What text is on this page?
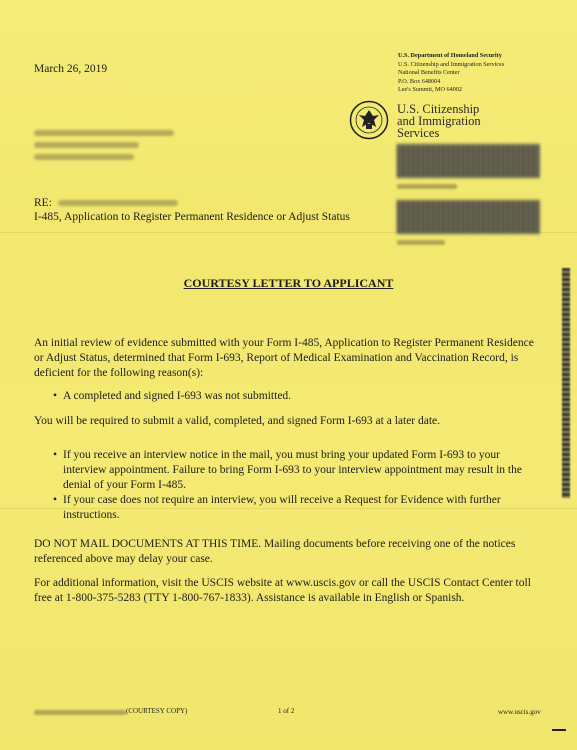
March 26, 2019
U.S. Department of Homeland Security
U.S. Citizenship and Immigration Services
National Benefits Center
P.O. Box 648004
Lee's Summit, MO 64002
U.S. Citizenship
and Immigration
Services
RE:
I-485, Application to Register Permanent Residence or Adjust Status
COURTESY LETTER TO APPLICANT
An initial review of evidence submitted with your Form I-485, Application to Register Permanent Residence or Adjust Status, determined that Form I-693, Report of Medical Examination and Vaccination Record, is deficient for the following reason(s):
• A completed and signed I-693 was not submitted.
You will be required to submit a valid, completed, and signed Form I-693 at a later date.
• If you receive an interview notice in the mail, you must bring your updated Form I-693 to your interview appointment. Failure to bring Form I-693 to your interview appointment may result in the denial of your Form I-485.
• If your case does not require an interview, you will receive a Request for Evidence with further instructions.
DO NOT MAIL DOCUMENTS AT THIS TIME. Mailing documents before receiving one of the notices referenced above may delay your case.
For additional information, visit the USCIS website at www.uscis.gov or call the USCIS Contact Center toll free at 1-800-375-5283 (TTY 1-800-767-1833). Assistance is available in English or Spanish.
(COURTESY COPY)	1 of 2	www.uscis.gov
